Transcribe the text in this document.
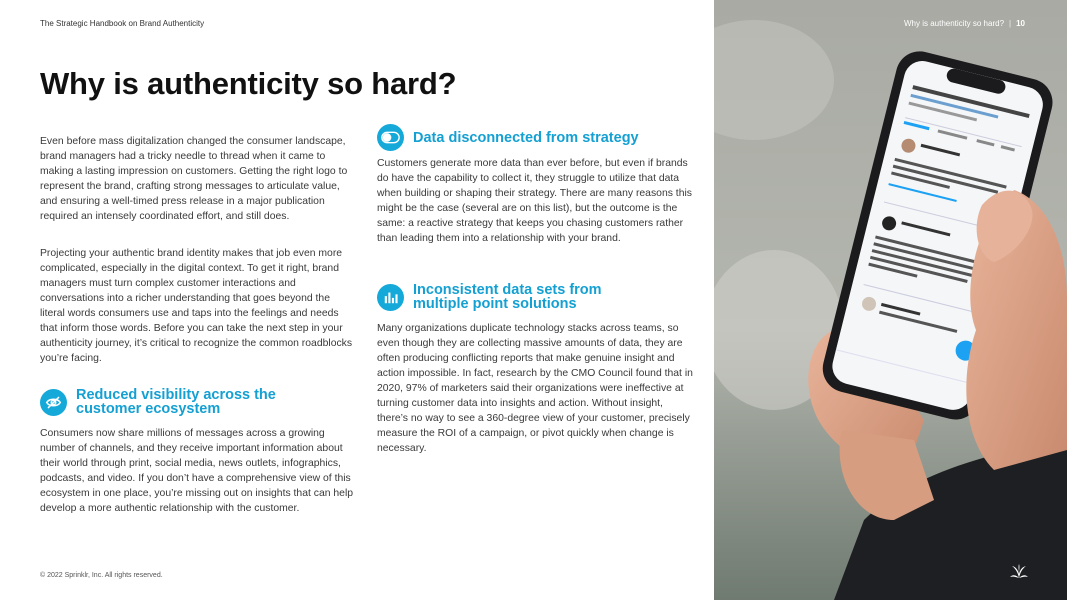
The Strategic Handbook on Brand Authenticity
Why is authenticity so hard?

Even before mass digitalization changed the consumer landscape, brand managers had a tricky needle to thread when it came to making a lasting impression on customers. Getting the right logo to represent the brand, crafting strong messages to articulate value, and ensuring a well-timed press release in a major publication required an intensely coordinated effort, and still does.

Projecting your authentic brand identity makes that job even more complicated, especially in the digital context. To get it right, brand managers must turn complex customer interactions and conversations into a richer understanding that goes beyond the literal words consumers use and taps into the feelings and needs that inform those words. Before you can take the next step in your authenticity journey, it’s critical to recognize the common roadblocks you’re facing.

Reduced visibility across the
customer ecosystem

Consumers now share millions of messages across a growing number of channels, and they receive important information about their world through print, social media, news outlets, infographics, podcasts, and video. If you don’t have a comprehensive view of this ecosystem in one place, you’re missing out on insights that can help develop a more authentic relationship with the customer.

Data disconnected from strategy

Customers generate more data than ever before, but even if brands do have the capability to collect it, they struggle to utilize that data when building or shaping their strategy. There are many reasons this might be the case (several are on this list), but the outcome is the same: a reactive strategy that keeps you chasing customers rather than leading them into a relationship with your brand.

Inconsistent data sets from
multiple point solutions

Many organizations duplicate technology stacks across teams, so even though they are collecting massive amounts of data, they are often producing conflicting reports that make genuine insight and action impossible. In fact, research by the CMO Council found that in 2020, 97% of marketers said their organizations were ineffective at turning customer data into insights and action. Without insight, there’s no way to see a 360-degree view of your customer, precisely measure the ROI of a campaign, or pivot quickly when change is necessary.

© 2022 Sprinklr, Inc. All rights reserved.
Why is authenticity so hard? | 10
